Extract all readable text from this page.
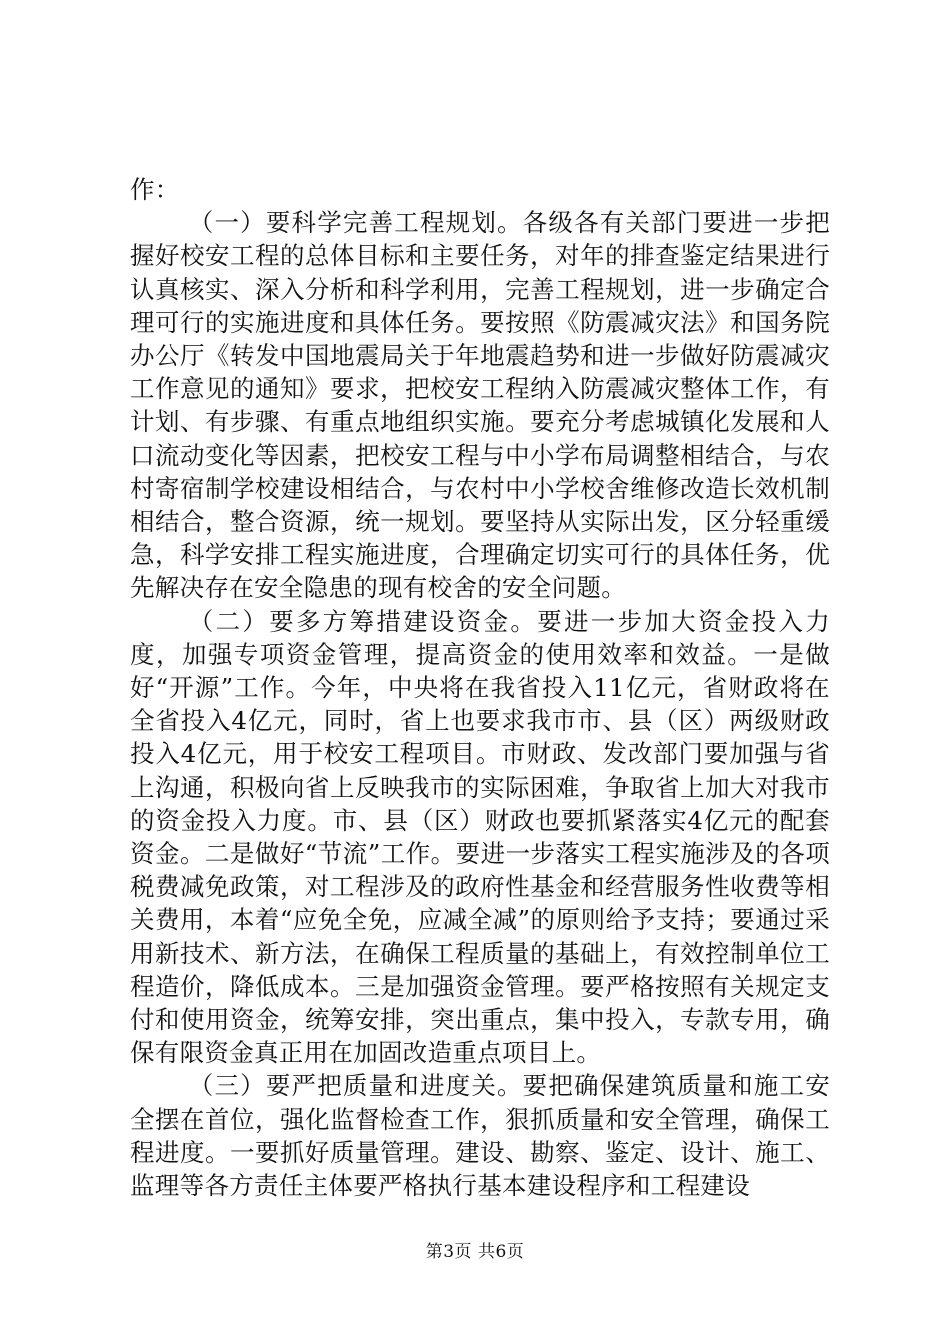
作：

（一）要科学完善工程规划。各级各有关部门要进一步把握好校安工程的总体目标和主要任务，对年的排查鉴定结果进行认真核实、深入分析和科学利用，完善工程规划，进一步确定合理可行的实施进度和具体任务。要按照《防震减灾法》和国务院办公厅《转发中国地震局关于年地震趋势和进一步做好防震减灾工作意见的通知》要求，把校安工程纳入防震减灾整体工作，有计划、有步骤、有重点地组织实施。要充分考虑城镇化发展和人口流动变化等因素，把校安工程与中小学布局调整相结合，与农村寄宿制学校建设相结合，与农村中小学校舍维修改造长效机制相结合，整合资源，统一规划。要坚持从实际出发，区分轻重缓急，科学安排工程实施进度，合理确定切实可行的具体任务，优先解决存在安全隐患的现有校舍的安全问题。

（二）要多方筹措建设资金。要进一步加大资金投入力度，加强专项资金管理，提高资金的使用效率和效益。一是做好“开源”工作。今年，中央将在我省投入11亿元，省财政将在全省投入4亿元，同时，省上也要求我市市、县（区）两级财政投入4亿元，用于校安工程项目。市财政、发改部门要加强与省上沟通，积极向省上反映我市的实际困难，争取省上加大对我市的资金投入力度。市、县（区）财政也要抓紧落实4亿元的配套资金。二是做好“节流”工作。要进一步落实工程实施涉及的各项税费减免政策，对工程涉及的政府性基金和经营服务性收费等相关费用，本着“应免全免，应减全减”的原则给予支持；要通过采用新技术、新方法，在确保工程质量的基础上，有效控制单位工程造价，降低成本。三是加强资金管理。要严格按照有关规定支付和使用资金，统筹安排，突出重点，集中投入，专款专用，确保有限资金真正用在加固改造重点项目上。

（三）要严把质量和进度关。要把确保建筑质量和施工安全摆在首位，强化监督检查工作，狠抓质量和安全管理，确保工程进度。一要抓好质量管理。建设、勘察、鉴定、设计、施工、监理等各方责任主体要严格执行基本建设程序和工程建设

第3页 共6页
